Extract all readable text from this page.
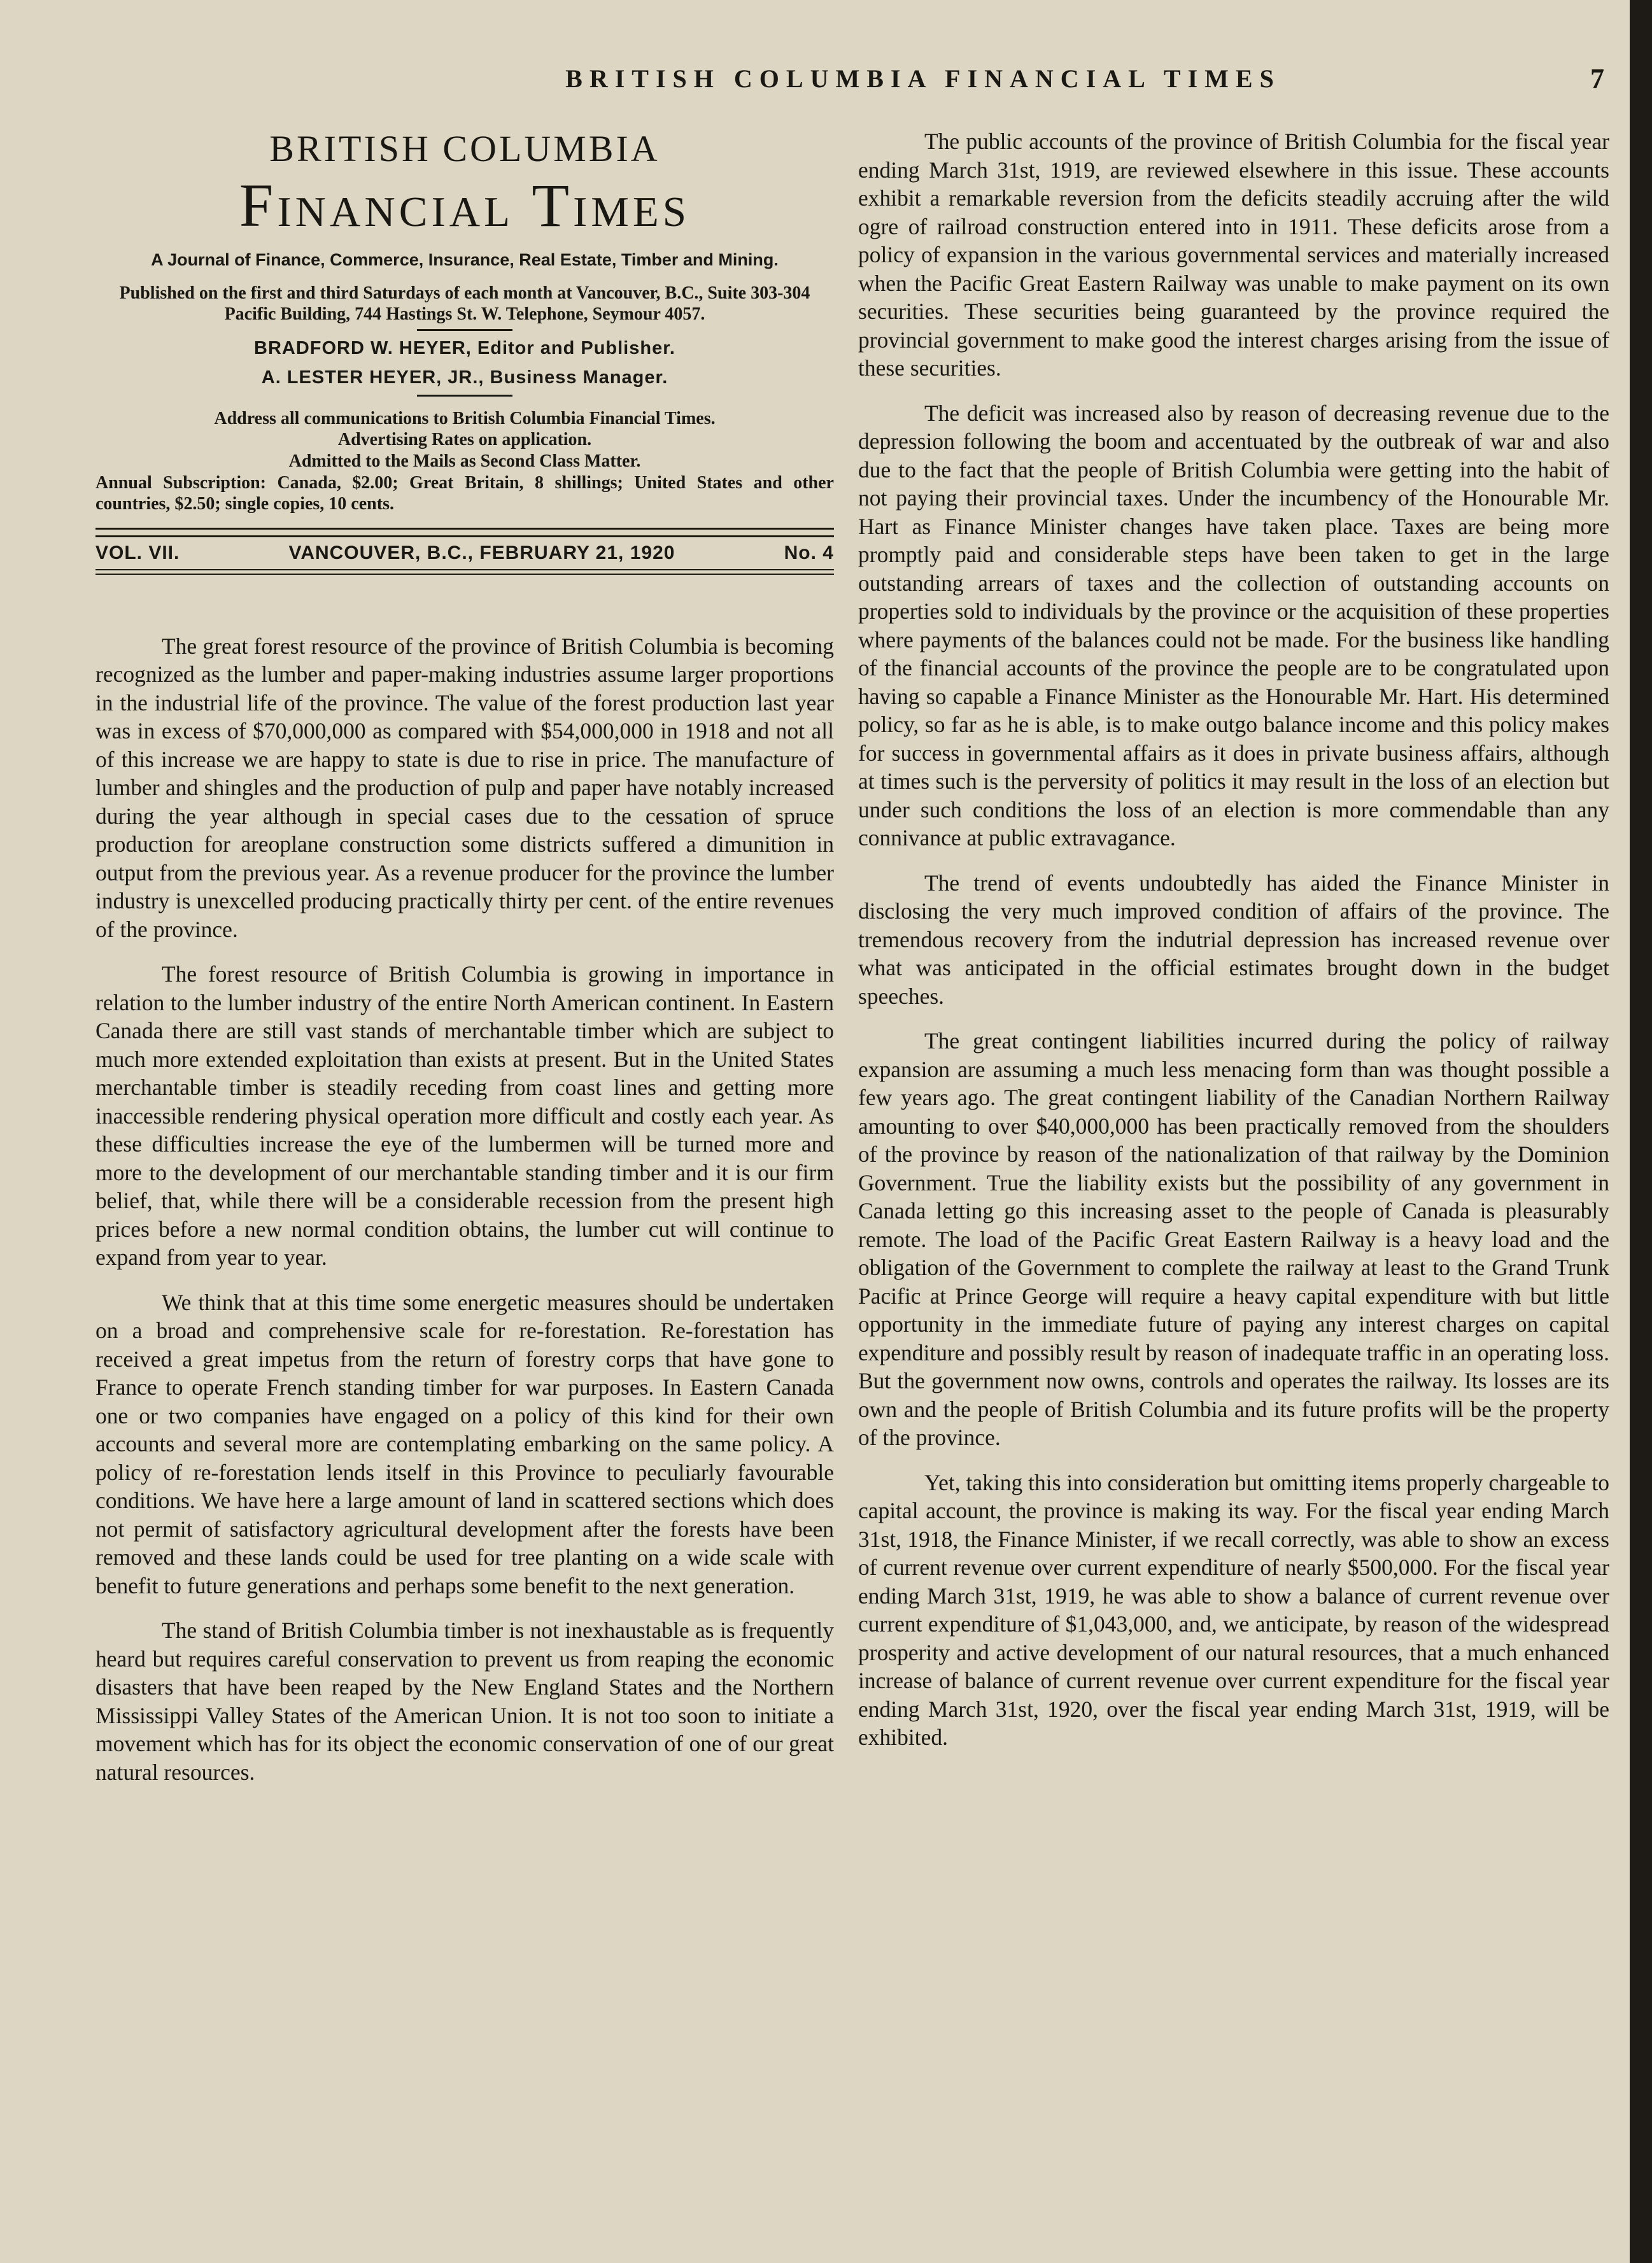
BRITISH COLUMBIA FINANCIAL TIMES	7
BRITISH COLUMBIA
Financial Times
A Journal of Finance, Commerce, Insurance, Real Estate, Timber and Mining.
Published on the first and third Saturdays of each month at Vancouver, B.C., Suite 303-304 Pacific Building, 744 Hastings St. W. Telephone, Seymour 4057.
BRADFORD W. HEYER, Editor and Publisher.
A. LESTER HEYER, JR., Business Manager.
Address all communications to British Columbia Financial Times.
Advertising Rates on application.
Admitted to the Mails as Second Class Matter.
Annual Subscription: Canada, $2.00; Great Britain, 8 shillings; United States and other countries, $2.50; single copies, 10 cents.
VOL. VII.	VANCOUVER, B.C., FEBRUARY 21, 1920	No. 4

The great forest resource of the province of British Columbia is becoming recognized as the lumber and paper-making industries assume larger proportions in the industrial life of the province. The value of the forest production last year was in excess of $70,000,000 as compared with $54,000,000 in 1918 and not all of this increase we are happy to state is due to rise in price. The manufacture of lumber and shingles and the production of pulp and paper have notably increased during the year although in special cases due to the cessation of spruce production for areoplane construction some districts suffered a dimunition in output from the previous year. As a revenue producer for the province the lumber industry is unexcelled producing practically thirty per cent. of the entire revenues of the province.

The forest resource of British Columbia is growing in importance in relation to the lumber industry of the entire North American continent. In Eastern Canada there are still vast stands of merchantable timber which are subject to much more extended exploitation than exists at present. But in the United States merchantable timber is steadily receding from coast lines and getting more inaccessible rendering physical operation more difficult and costly each year. As these difficulties increase the eye of the lumbermen will be turned more and more to the development of our merchantable standing timber and it is our firm belief, that, while there will be a considerable recession from the present high prices before a new normal condition obtains, the lumber cut will continue to expand from year to year.

We think that at this time some energetic measures should be undertaken on a broad and comprehensive scale for re-forestation. Re-forestation has received a great impetus from the return of forestry corps that have gone to France to operate French standing timber for war purposes. In Eastern Canada one or two companies have engaged on a policy of this kind for their own accounts and several more are contemplating embarking on the same policy. A policy of re-forestation lends itself in this Province to peculiarly favourable conditions. We have here a large amount of land in scattered sections which does not permit of satisfactory agricultural development after the forests have been removed and these lands could be used for tree planting on a wide scale with benefit to future generations and perhaps some benefit to the next generation.

The stand of British Columbia timber is not inexhaustable as is frequently heard but requires careful conservation to prevent us from reaping the economic disasters that have been reaped by the New England States and the Northern Mississippi Valley States of the American Union. It is not too soon to initiate a movement which has for its object the economic conservation of one of our great natural resources.

The public accounts of the province of British Columbia for the fiscal year ending March 31st, 1919, are reviewed elsewhere in this issue. These accounts exhibit a remarkable reversion from the deficits steadily accruing after the wild ogre of railroad construction entered into in 1911. These deficits arose from a policy of expansion in the various governmental services and materially increased when the Pacific Great Eastern Railway was unable to make payment on its own securities. These securities being guaranteed by the province required the provincial government to make good the interest charges arising from the issue of these securities.

The deficit was increased also by reason of decreasing revenue due to the depression following the boom and accentuated by the outbreak of war and also due to the fact that the people of British Columbia were getting into the habit of not paying their provincial taxes. Under the incumbency of the Honourable Mr. Hart as Finance Minister changes have taken place. Taxes are being more promptly paid and considerable steps have been taken to get in the large outstanding arrears of taxes and the collection of outstanding accounts on properties sold to individuals by the province or the acquisition of these properties where payments of the balances could not be made. For the business like handling of the financial accounts of the province the people are to be congratulated upon having so capable a Finance Minister as the Honourable Mr. Hart. His determined policy, so far as he is able, is to make outgo balance income and this policy makes for success in governmental affairs as it does in private business affairs, although at times such is the perversity of politics it may result in the loss of an election but under such conditions the loss of an election is more commendable than any connivance at public extravagance.

The trend of events undoubtedly has aided the Finance Minister in disclosing the very much improved condition of affairs of the province. The tremendous recovery from the indutrial depression has increased revenue over what was anticipated in the official estimates brought down in the budget speeches.

The great contingent liabilities incurred during the policy of railway expansion are assuming a much less menacing form than was thought possible a few years ago. The great contingent liability of the Canadian Northern Railway amounting to over $40,000,000 has been practically removed from the shoulders of the province by reason of the nationalization of that railway by the Dominion Government. True the liability exists but the possibility of any government in Canada letting go this increasing asset to the people of Canada is pleasurably remote. The load of the Pacific Great Eastern Railway is a heavy load and the obligation of the Government to complete the railway at least to the Grand Trunk Pacific at Prince George will require a heavy capital expenditure with but little opportunity in the immediate future of paying any interest charges on capital expenditure and possibly result by reason of inadequate traffic in an operating loss. But the government now owns, controls and operates the railway. Its losses are its own and the people of British Columbia and its future profits will be the property of the province.

Yet, taking this into consideration but omitting items properly chargeable to capital account, the province is making its way. For the fiscal year ending March 31st, 1918, the Finance Minister, if we recall correctly, was able to show an excess of current revenue over current expenditure of nearly $500,000. For the fiscal year ending March 31st, 1919, he was able to show a balance of current revenue over current expenditure of $1,043,000, and, we anticipate, by reason of the widespread prosperity and active development of our natural resources, that a much enhanced increase of balance of current revenue over current expenditure for the fiscal year ending March 31st, 1920, over the fiscal year ending March 31st, 1919, will be exhibited.
